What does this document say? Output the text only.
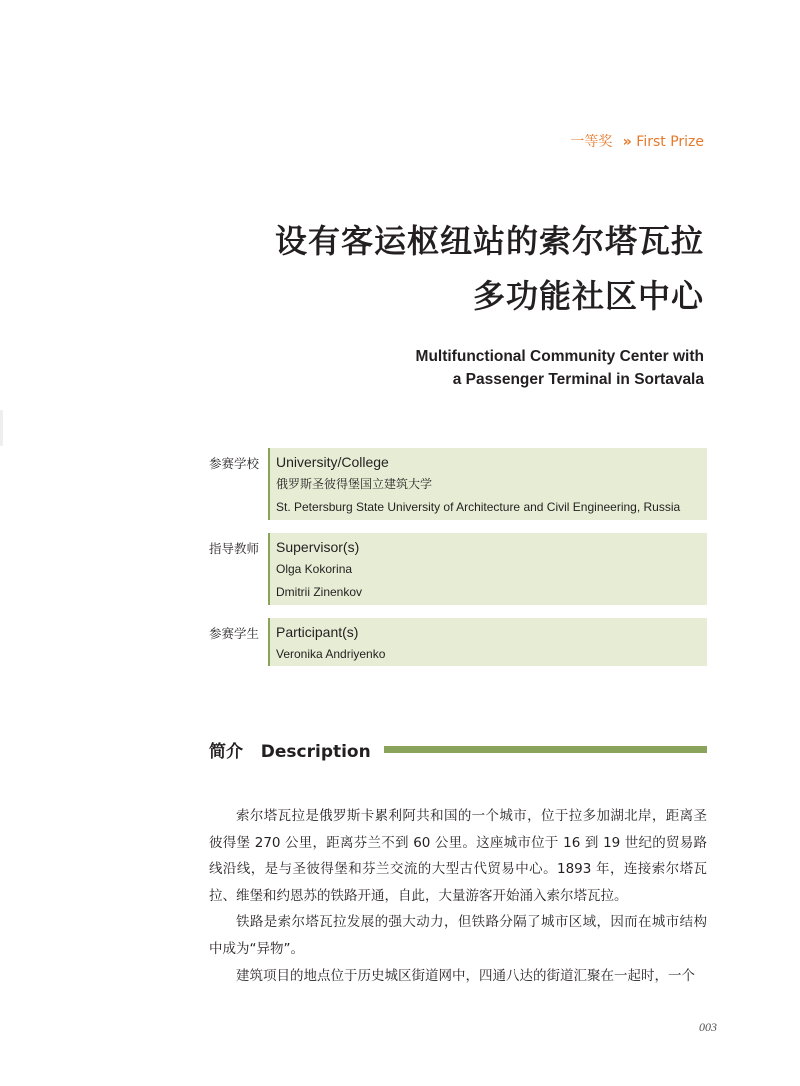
一等奖 » First Prize
设有客运枢纽站的索尔塔瓦拉
多功能社区中心
Multifunctional Community Center with
a Passenger Terminal in Sortavala
参赛学校 University/College
俄罗斯圣彼得堡国立建筑大学
St. Petersburg State University of Architecture and Civil Engineering, Russia
指导教师 Supervisor(s)
Olga Kokorina
Dmitrii Zinenkov
参赛学生 Participant(s)
Veronika Andriyenko
简介 Description

索尔塔瓦拉是俄罗斯卡累利阿共和国的一个城市，位于拉多加湖北岸，距离圣彼得堡 270 公里，距离芬兰不到 60 公里。这座城市位于 16 到 19 世纪的贸易路线沿线，是与圣彼得堡和芬兰交流的大型古代贸易中心。1893 年，连接索尔塔瓦拉、维堡和约恩苏的铁路开通，自此，大量游客开始涌入索尔塔瓦拉。

铁路是索尔塔瓦拉发展的强大动力，但铁路分隔了城市区域，因而在城市结构中成为“异物”。

建筑项目的地点位于历史城区街道网中，四通八达的街道汇聚在一起时，一个

003
